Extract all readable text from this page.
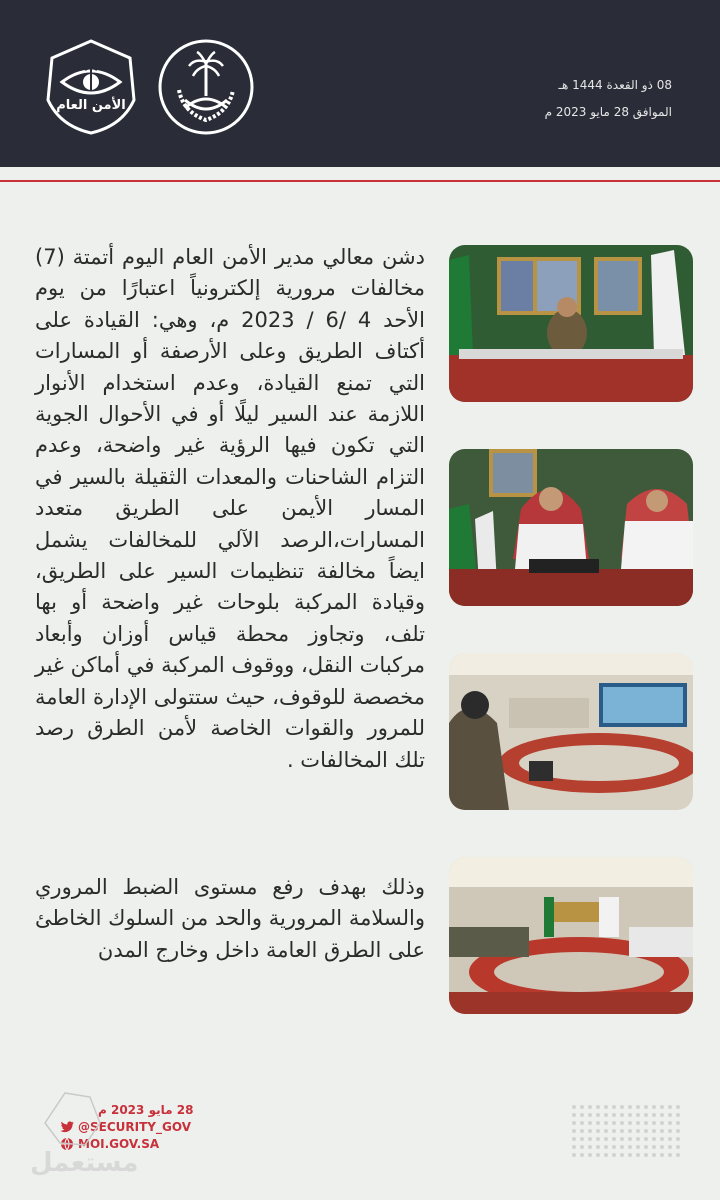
08 ذو القعدة 1444 هـ
الموافق 28 مايو 2023 م
الأمن العام
دشن معالي مدير الأمن العام اليوم أتمتة (7) مخالفات مرورية إلكترونياً اعتبارًا من يوم الأحد 4 /6 / 2023 م، وهي: القيادة على أكتاف الطريق وعلى الأرصفة أو المسارات التي تمنع القيادة، وعدم استخدام الأنوار اللازمة عند السير ليلًا أو في الأحوال الجوية التي تكون فيها الرؤية غير واضحة، وعدم التزام الشاحنات والمعدات الثقيلة بالسير في المسار الأيمن على الطريق متعدد المسارات،الرصد الآلي للمخالفات يشمل ايضاً مخالفة تنظيمات السير على الطريق، وقيادة المركبة بلوحات غير واضحة أو بها تلف، وتجاوز محطة قياس أوزان وأبعاد مركبات النقل، ووقوف المركبة في أماكن غير مخصصة للوقوف، حيث ستتولى الإدارة العامة للمرور والقوات الخاصة لأمن الطرق رصد تلك المخالفات .
وذلك بهدف رفع مستوى الضبط المروري والسلامة المرورية والحد من السلوك الخاطئ على الطرق العامة داخل وخارج المدن
28 مايو 2023 م
@SECURITY_GOV
MOI.GOV.SA
مستعمل
